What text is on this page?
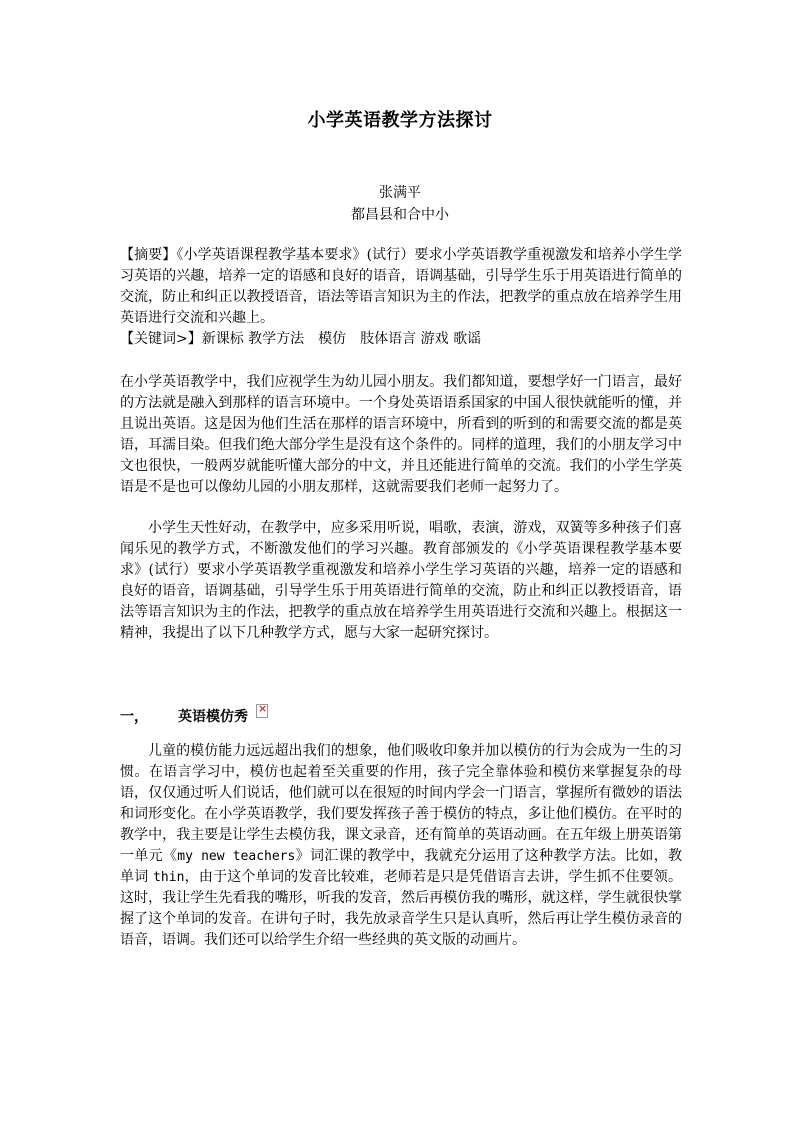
小学英语教学方法探讨
张满平
都昌县和合中小

【摘要】《小学英语课程教学基本要求》(试行）要求小学英语教学重视激发和培养小学生学习英语的兴趣，培养一定的语感和良好的语音，语调基础，引导学生乐于用英语进行简单的交流，防止和纠正以教授语音，语法等语言知识为主的作法，把教学的重点放在培养学生用英语进行交流和兴趣上。

【关键词>】新课标 教学方法　模仿　肢体语言 游戏 歌谣

在小学英语教学中，我们应视学生为幼儿园小朋友。我们都知道，要想学好一门语言，最好的方法就是融入到那样的语言环境中。一个身处英语语系国家的中国人很快就能听的懂，并且说出英语。这是因为他们生活在那样的语言环境中，所看到的听到的和需要交流的都是英语，耳濡目染。但我们绝大部分学生是没有这个条件的。同样的道理，我们的小朋友学习中文也很快，一般两岁就能听懂大部分的中文，并且还能进行简单的交流。我们的小学生学英语是不是也可以像幼儿园的小朋友那样，这就需要我们老师一起努力了。

小学生天性好动，在教学中，应多采用听说，唱歌，表演，游戏，双簧等多种孩子们喜闻乐见的教学方式，不断激发他们的学习兴趣。教育部颁发的《小学英语课程教学基本要求》(试行）要求小学英语教学重视激发和培养小学生学习英语的兴趣，培养一定的语感和良好的语音，语调基础，引导学生乐于用英语进行简单的交流，防止和纠正以教授语音，语法等语言知识为主的作法，把教学的重点放在培养学生用英语进行交流和兴趣上。根据这一精神，我提出了以下几种教学方式，愿与大家一起研究探讨。

一，	英语模仿秀
×

儿童的模仿能力远远超出我们的想象，他们吸收印象并加以模仿的行为会成为一生的习惯。在语言学习中，模仿也起着至关重要的作用，孩子完全靠体验和模仿来掌握复杂的母语，仅仅通过听人们说话，他们就可以在很短的时间内学会一门语言，掌握所有微妙的语法和词形变化。在小学英语教学，我们要发挥孩子善于模仿的特点，多让他们模仿。在平时的教学中，我主要是让学生去模仿我，课文录音，还有简单的英语动画。在五年级上册英语第一单元《my new teachers》词汇课的教学中，我就充分运用了这种教学方法。比如，教单词 thin，由于这个单词的发音比较难，老师若是只是凭借语言去讲，学生抓不住要领。这时，我让学生先看我的嘴形，听我的发音，然后再模仿我的嘴形，就这样，学生就很快掌握了这个单词的发音。在讲句子时，我先放录音学生只是认真听，然后再让学生模仿录音的语音，语调。我们还可以给学生介绍一些经典的英文版的动画片。
